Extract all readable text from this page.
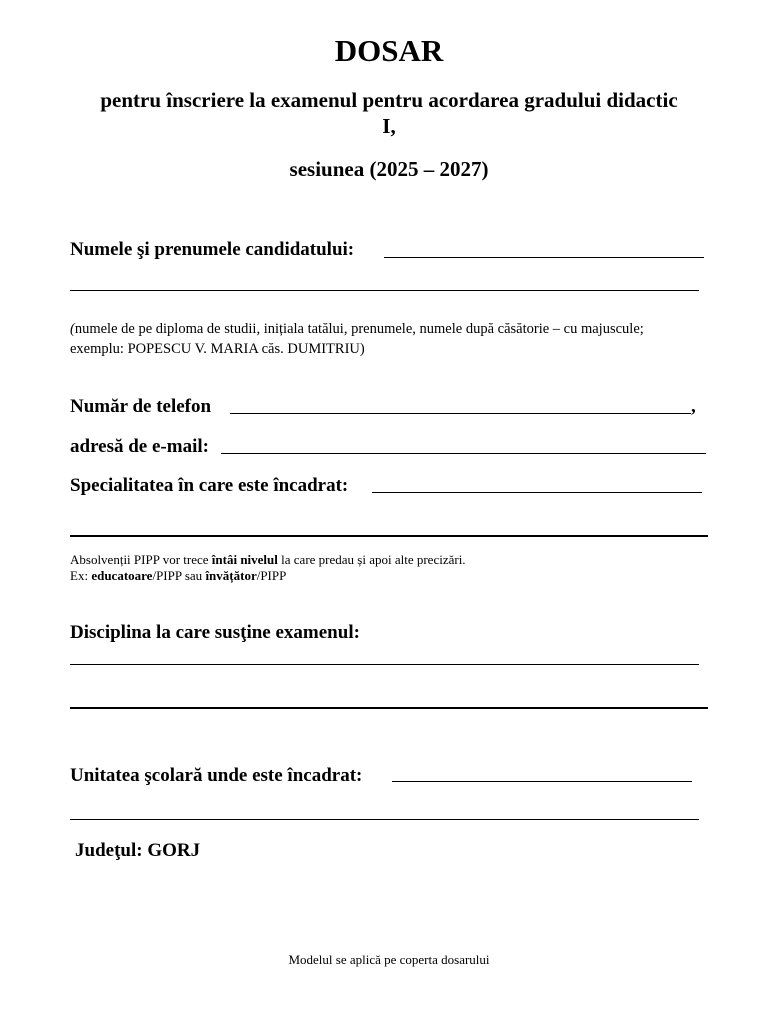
DOSAR
pentru înscriere la examenul pentru acordarea gradului didactic I,
sesiunea (2025 – 2027)
Numele şi prenumele candidatului:
(numele de pe diploma de studii, inițiala tatălui, prenumele, numele după căsătorie – cu majuscule;
exemplu: POPESCU V. MARIA căs. DUMITRIU)
Număr de telefon	,
adresă de e-mail:
Specialitatea în care este încadrat:
Absolvenții PIPP vor trece întâi nivelul la care predau și apoi alte precizări.
Ex: educatoare/PIPP sau învățător/PIPP
Disciplina la care susţine examenul:
Unitatea şcolară unde este încadrat:
Judeţul: GORJ
Modelul se aplică pe coperta dosarului
